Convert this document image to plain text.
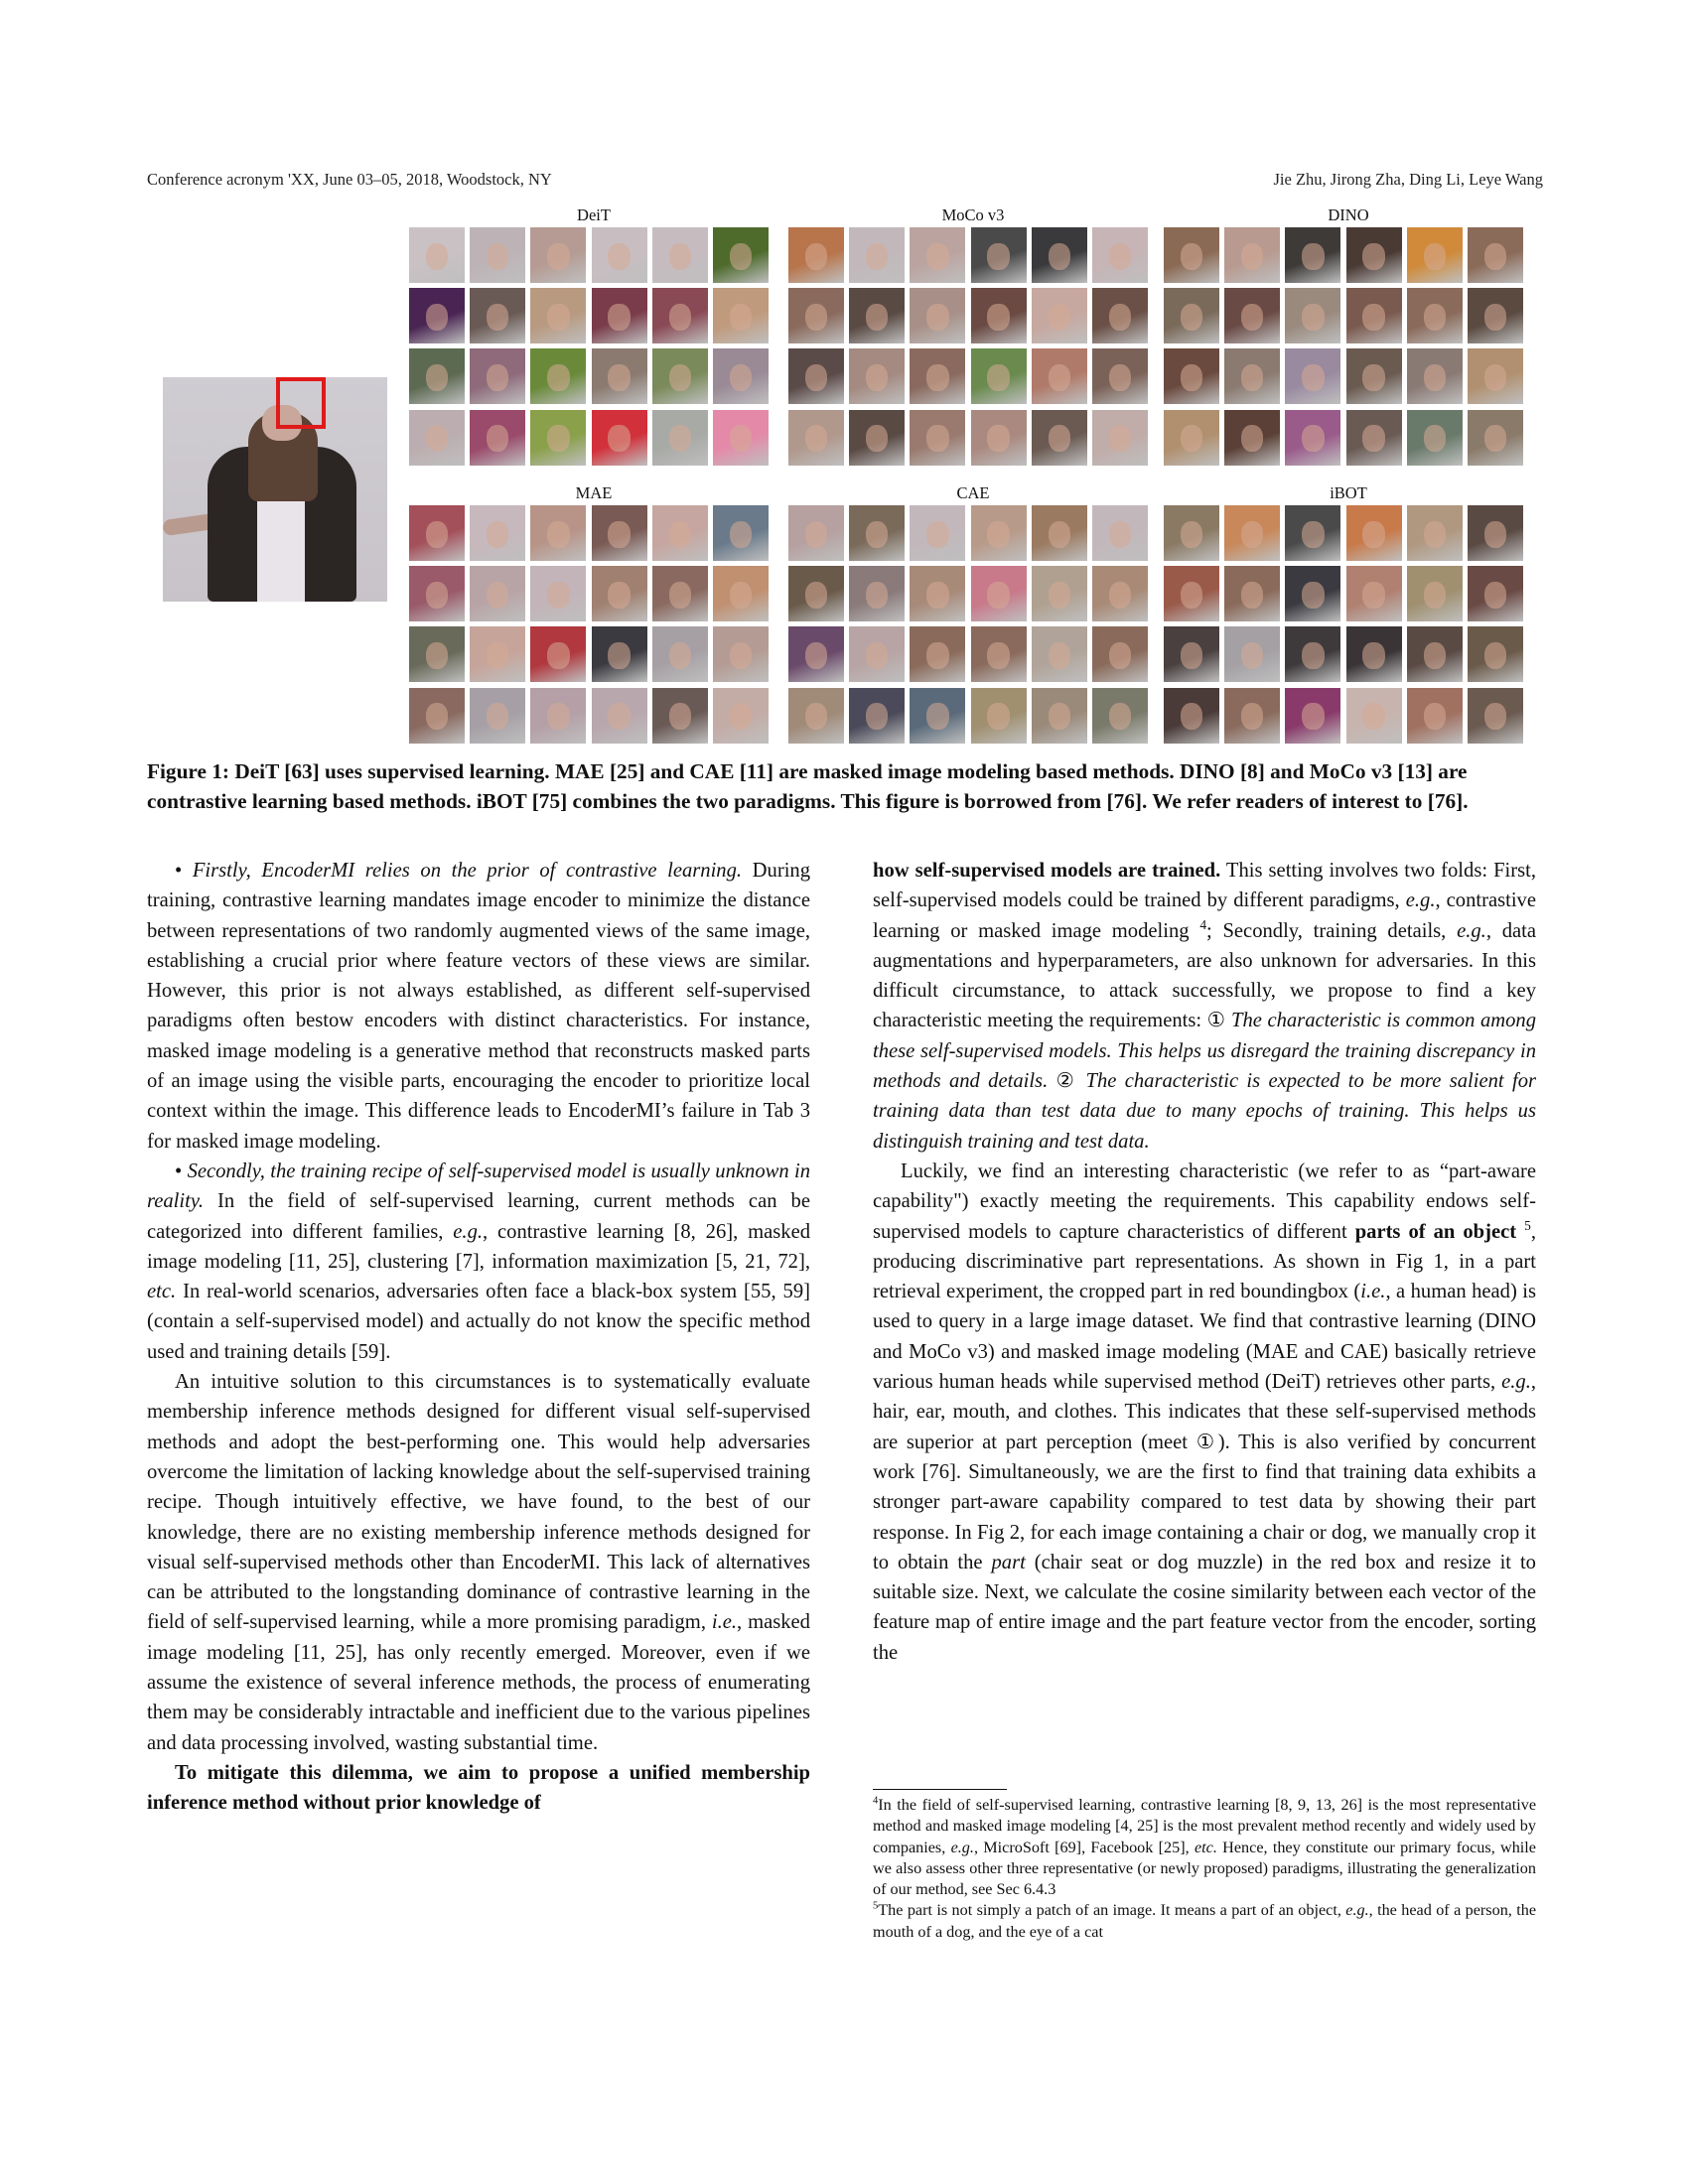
Conference acronym 'XX, June 03–05, 2018, Woodstock, NY	Jie Zhu, Jirong Zha, Ding Li, Leye Wang
DeiT	MoCo v3	DINO
MAE	CAE	iBOT
Figure 1: DeiT [63] uses supervised learning. MAE [25] and CAE [11] are masked image modeling based methods. DINO [8] and MoCo v3 [13] are contrastive learning based methods. iBOT [75] combines the two paradigms. This figure is borrowed from [76]. We refer readers of interest to [76].

• Firstly, EncoderMI relies on the prior of contrastive learning. During training, contrastive learning mandates image encoder to minimize the distance between representations of two randomly augmented views of the same image, establishing a crucial prior where feature vectors of these views are similar. However, this prior is not always established, as different self-supervised paradigms often bestow encoders with distinct characteristics. For instance, masked image modeling is a generative method that reconstructs masked parts of an image using the visible parts, encouraging the encoder to prioritize local context within the image. This difference leads to EncoderMI’s failure in Tab 3 for masked image modeling.

• Secondly, the training recipe of self-supervised model is usually unknown in reality. In the field of self-supervised learning, current methods can be categorized into different families, e.g., contrastive learning [8, 26], masked image modeling [11, 25], clustering [7], information maximization [5, 21, 72], etc. In real-world scenarios, adversaries often face a black-box system [55, 59] (contain a self-supervised model) and actually do not know the specific method used and training details [59].

An intuitive solution to this circumstances is to systematically evaluate membership inference methods designed for different visual self-supervised methods and adopt the best-performing one. This would help adversaries overcome the limitation of lacking knowledge about the self-supervised training recipe. Though intuitively effective, we have found, to the best of our knowledge, there are no existing membership inference methods designed for visual self-supervised methods other than EncoderMI. This lack of alternatives can be attributed to the longstanding dominance of contrastive learning in the field of self-supervised learning, while a more promising paradigm, i.e., masked image modeling [11, 25], has only recently emerged. Moreover, even if we assume the existence of several inference methods, the process of enumerating them may be considerably intractable and inefficient due to the various pipelines and data processing involved, wasting substantial time.

To mitigate this dilemma, we aim to propose a unified membership inference method without prior knowledge of

how self-supervised models are trained. This setting involves two folds: First, self-supervised models could be trained by different paradigms, e.g., contrastive learning or masked image modeling $^4$; Secondly, training details, e.g., data augmentations and hyperparameters, are also unknown for adversaries. In this difficult circumstance, to attack successfully, we propose to find a key characteristic meeting the requirements: ① The characteristic is common among these self-supervised models. This helps us disregard the training discrepancy in methods and details. ② The characteristic is expected to be more salient for training data than test data due to many epochs of training. This helps us distinguish training and test data.

Luckily, we find an interesting characteristic (we refer to as “part-aware capability") exactly meeting the requirements. This capability endows self-supervised models to capture characteristics of different parts of an object $^5$, producing discriminative part representations. As shown in Fig 1, in a part retrieval experiment, the cropped part in red boundingbox (i.e., a human head) is used to query in a large image dataset. We find that contrastive learning (DINO and MoCo v3) and masked image modeling (MAE and CAE) basically retrieve various human heads while supervised method (DeiT) retrieves other parts, e.g., hair, ear, mouth, and clothes. This indicates that these self-supervised methods are superior at part perception (meet ①). This is also verified by concurrent work [76]. Simultaneously, we are the first to find that training data exhibits a stronger part-aware capability compared to test data by showing their part response. In Fig 2, for each image containing a chair or dog, we manually crop it to obtain the part (chair seat or dog muzzle) in the red box and resize it to suitable size. Next, we calculate the cosine similarity between each vector of the feature map of entire image and the part feature vector from the encoder, sorting the

$^4$In the field of self-supervised learning, contrastive learning [8, 9, 13, 26] is the most representative method and masked image modeling [4, 25] is the most prevalent method recently and widely used by companies, e.g., MicroSoft [69], Facebook [25], etc. Hence, they constitute our primary focus, while we also assess other three representative (or newly proposed) paradigms, illustrating the generalization of our method, see Sec 6.4.3

$^5$The part is not simply a patch of an image. It means a part of an object, e.g., the head of a person, the mouth of a dog, and the eye of a cat
